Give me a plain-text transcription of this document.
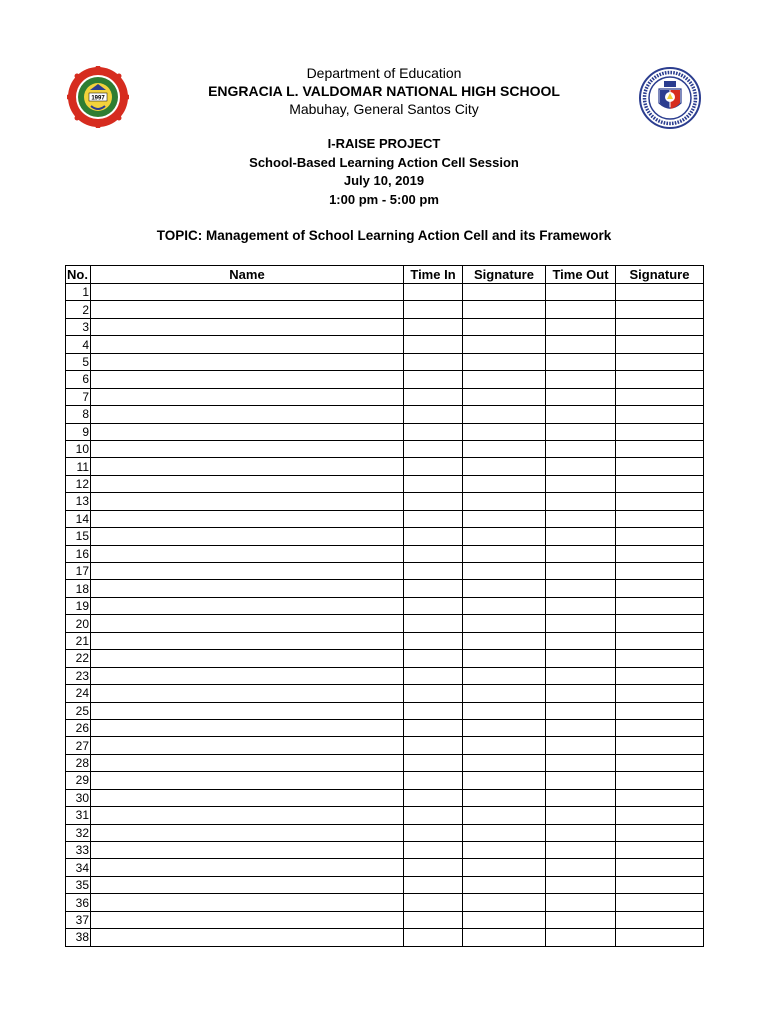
1997
Department of Education
ENGRACIA L. VALDOMAR NATIONAL HIGH SCHOOL
Mabuhay, General Santos City
I-RAISE PROJECT
School-Based Learning Action Cell Session
July 10, 2019
1:00 pm - 5:00 pm
TOPIC: Management of School Learning Action Cell and its Framework
No.	Name	Time In	Signature	Time Out	Signature
1					
2					
3					
4					
5					
6					
7					
8					
9					
10					
11					
12					
13					
14					
15					
16					
17					
18					
19					
20					
21					
22					
23					
24					
25					
26					
27					
28					
29					
30					
31					
32					
33					
34					
35					
36					
37					
38					
